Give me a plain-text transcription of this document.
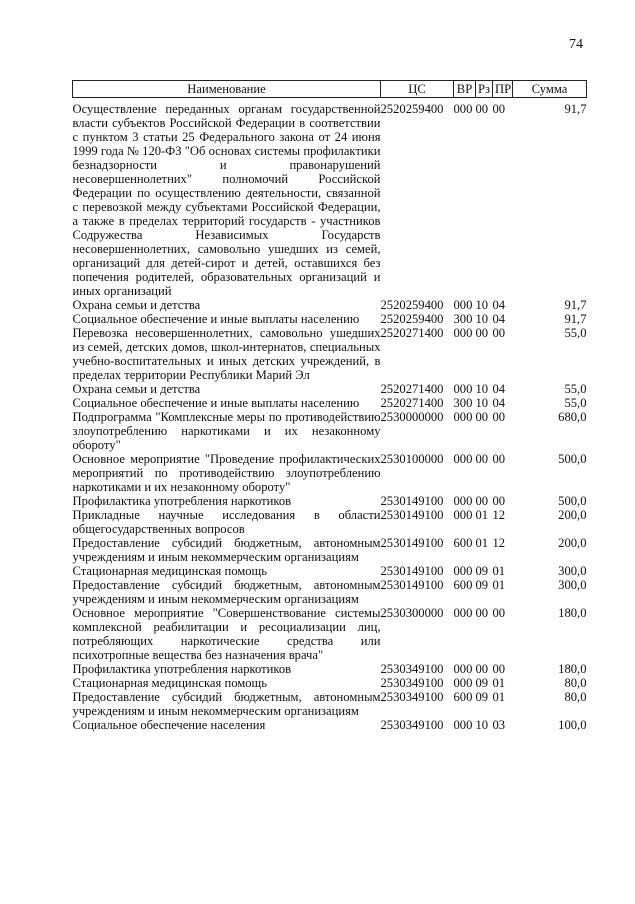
74
Наименование	ЦС	ВР	Рз	ПР	Сумма
Осуществление переданных органам государственной власти субъектов Российской Федерации в соответствии с пунктом 3 статьи 25 Федерального закона от 24 июня 1999 года № 120-ФЗ "Об основах системы профилактики безнадзорности и правонарушений несовершеннолетних" полномочий Российской Федерации по осуществлению деятельности, связанной с перевозкой между субъектами Российской Федерации, а также в пределах территорий государств - участников Содружества Независимых Государств несовершеннолетних, самовольно ушедших из семей, организаций для детей-сирот и детей, оставшихся без попечения родителей, образовательных организаций и иных организаций	2520259400	000	00	00	91,7
Охрана семьи и детства	2520259400	000	10	04	91,7
Социальное обеспечение и иные выплаты населению	2520259400	300	10	04	91,7
Перевозка несовершеннолетних, самовольно ушедших из семей, детских домов, школ-интернатов, специальных учебно-воспитательных и иных детских учреждений, в пределах территории Республики Марий Эл	2520271400	000	00	00	55,0
Охрана семьи и детства	2520271400	000	10	04	55,0
Социальное обеспечение и иные выплаты населению	2520271400	300	10	04	55,0
Подпрограмма "Комплексные меры по противодействию злоупотреблению наркотиками и их незаконному обороту"	2530000000	000	00	00	680,0
Основное мероприятие "Проведение профилактических мероприятий по противодействию злоупотреблению наркотиками и их незаконному обороту"	2530100000	000	00	00	500,0
Профилактика употребления наркотиков	2530149100	000	00	00	500,0
Прикладные научные исследования в области общегосударственных вопросов	2530149100	000	01	12	200,0
Предоставление субсидий бюджетным, автономным учреждениям и иным некоммерческим организациям	2530149100	600	01	12	200,0
Стационарная медицинская помощь	2530149100	000	09	01	300,0
Предоставление субсидий бюджетным, автономным учреждениям и иным некоммерческим организациям	2530149100	600	09	01	300,0
Основное мероприятие "Совершенствование системы комплексной реабилитации и ресоциализации лиц, потребляющих наркотические средства или психотропные вещества без назначения врача"	2530300000	000	00	00	180,0
Профилактика употребления наркотиков	2530349100	000	00	00	180,0
Стационарная медицинская помощь	2530349100	000	09	01	80,0
Предоставление субсидий бюджетным, автономным учреждениям и иным некоммерческим организациям	2530349100	600	09	01	80,0
Социальное обеспечение населения	2530349100	000	10	03	100,0
